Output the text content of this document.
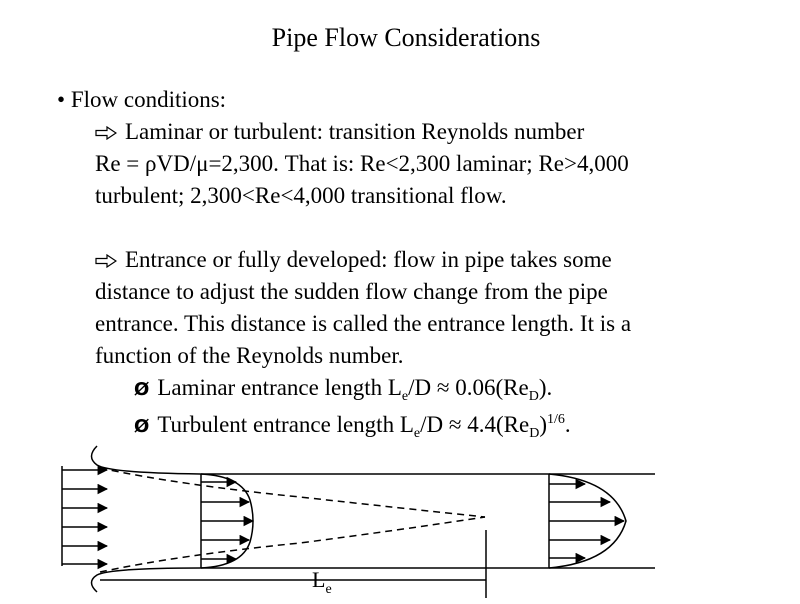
Pipe Flow Considerations
• Flow conditions:
Laminar or turbulent: transition Reynolds number
Re = ρVD/μ=2,300. That is: Re<2,300 laminar; Re>4,000
turbulent; 2,300<Re<4,000 transitional flow.
Entrance or fully developed: flow in pipe takes some
distance to adjust the sudden flow change from the pipe
entrance. This distance is called the entrance length. It is a
function of the Reynolds number.
Ø Laminar entrance length $L_e/D \approx 0.06(Re_D)$.
Ø Turbulent entrance length $L_e/D \approx 4.4(Re_D)^{1/6}$.
$L_e$
